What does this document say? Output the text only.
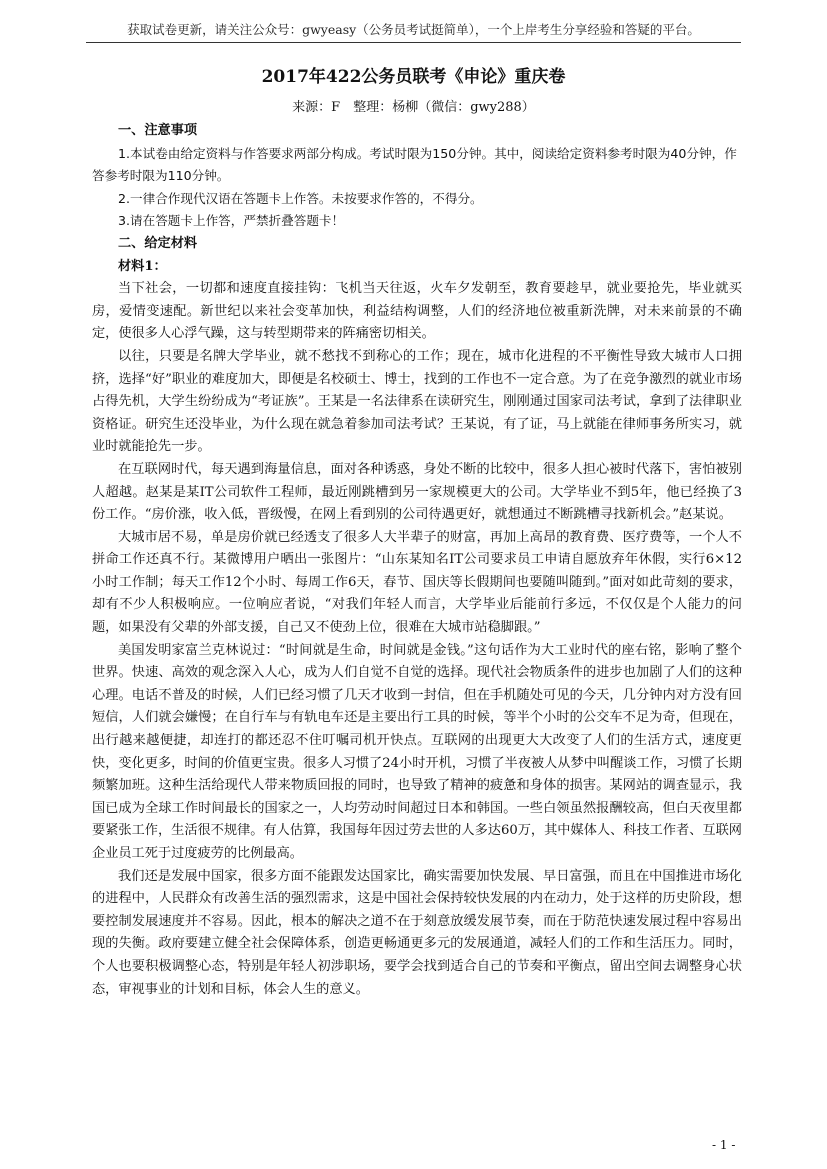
获取试卷更新，请关注公众号：gwyeasy（公务员考试挺简单），一个上岸考生分享经验和答疑的平台。
2017年422公务员联考《申论》重庆卷
来源：F　整理：杨柳（微信：gwy288）

一、注意事项

1.本试卷由给定资料与作答要求两部分构成。考试时限为150分钟。其中，阅读给定资料参考时限为40分钟，作答参考时限为110分钟。

2.一律合作现代汉语在答题卡上作答。未按要求作答的，不得分。

3.请在答题卡上作答，严禁折叠答题卡！

二、给定材料

材料1：

当下社会，一切都和速度直接挂钩：飞机当天往返，火车夕发朝至，教育要趁早，就业要抢先，毕业就买房，爱情变速配。新世纪以来社会变革加快，利益结构调整，人们的经济地位被重新洗牌，对未来前景的不确定，使很多人心浮气躁，这与转型期带来的阵痛密切相关。

以往，只要是名牌大学毕业，就不愁找不到称心的工作；现在，城市化进程的不平衡性导致大城市人口拥挤，选择“好”职业的难度加大，即便是名校硕士、博士，找到的工作也不一定合意。为了在竞争激烈的就业市场占得先机，大学生纷纷成为“考证族”。王某是一名法律系在读研究生，刚刚通过国家司法考试，拿到了法律职业资格证。研究生还没毕业，为什么现在就急着参加司法考试？王某说，有了证，马上就能在律师事务所实习，就业时就能抢先一步。

在互联网时代，每天遇到海量信息，面对各种诱惑，身处不断的比较中，很多人担心被时代落下，害怕被别人超越。赵某是某IT公司软件工程师，最近刚跳槽到另一家规模更大的公司。大学毕业不到5年，他已经换了3份工作。“房价涨，收入低，晋级慢，在网上看到别的公司待遇更好，就想通过不断跳槽寻找新机会。”赵某说。

大城市居不易，单是房价就已经透支了很多人大半辈子的财富，再加上高昂的教育费、医疗费等，一个人不拼命工作还真不行。某微博用户晒出一张图片：“山东某知名IT公司要求员工申请自愿放弃年休假，实行6×12小时工作制；每天工作12个小时、每周工作6天，春节、国庆等长假期间也要随叫随到。”面对如此苛刻的要求，却有不少人积极响应。一位响应者说，“对我们年轻人而言，大学毕业后能前行多远，不仅仅是个人能力的问题，如果没有父辈的外部支援，自己又不使劲上位，很难在大城市站稳脚跟。”

美国发明家富兰克林说过：“时间就是生命，时间就是金钱。”这句话作为大工业时代的座右铭，影响了整个世界。快速、高效的观念深入人心，成为人们自觉不自觉的选择。现代社会物质条件的进步也加剧了人们的这种心理。电话不普及的时候，人们已经习惯了几天才收到一封信，但在手机随处可见的今天，几分钟内对方没有回短信，人们就会嫌慢；在自行车与有轨电车还是主要出行工具的时候，等半个小时的公交车不足为奇，但现在，出行越来越便捷，却连打的都还忍不住叮嘱司机开快点。互联网的出现更大大改变了人们的生活方式，速度更快，变化更多，时间的价值更宝贵。很多人习惯了24小时开机，习惯了半夜被人从梦中叫醒谈工作，习惯了长期频繁加班。这种生活给现代人带来物质回报的同时，也导致了精神的疲惫和身体的损害。某网站的调查显示，我国已成为全球工作时间最长的国家之一，人均劳动时间超过日本和韩国。一些白领虽然报酬较高，但白天夜里都要紧张工作，生活很不规律。有人估算，我国每年因过劳去世的人多达60万，其中媒体人、科技工作者、互联网企业员工死于过度疲劳的比例最高。

我们还是发展中国家，很多方面不能跟发达国家比，确实需要加快发展、早日富强，而且在中国推进市场化的进程中，人民群众有改善生活的强烈需求，这是中国社会保持较快发展的内在动力，处于这样的历史阶段，想要控制发展速度并不容易。因此，根本的解决之道不在于刻意放缓发展节奏，而在于防范快速发展过程中容易出现的失衡。政府要建立健全社会保障体系，创造更畅通更多元的发展通道，减轻人们的工作和生活压力。同时，个人也要积极调整心态，特别是年轻人初涉职场，要学会找到适合自己的节奏和平衡点，留出空间去调整身心状态，审视事业的计划和目标，体会人生的意义。

- 1 -
